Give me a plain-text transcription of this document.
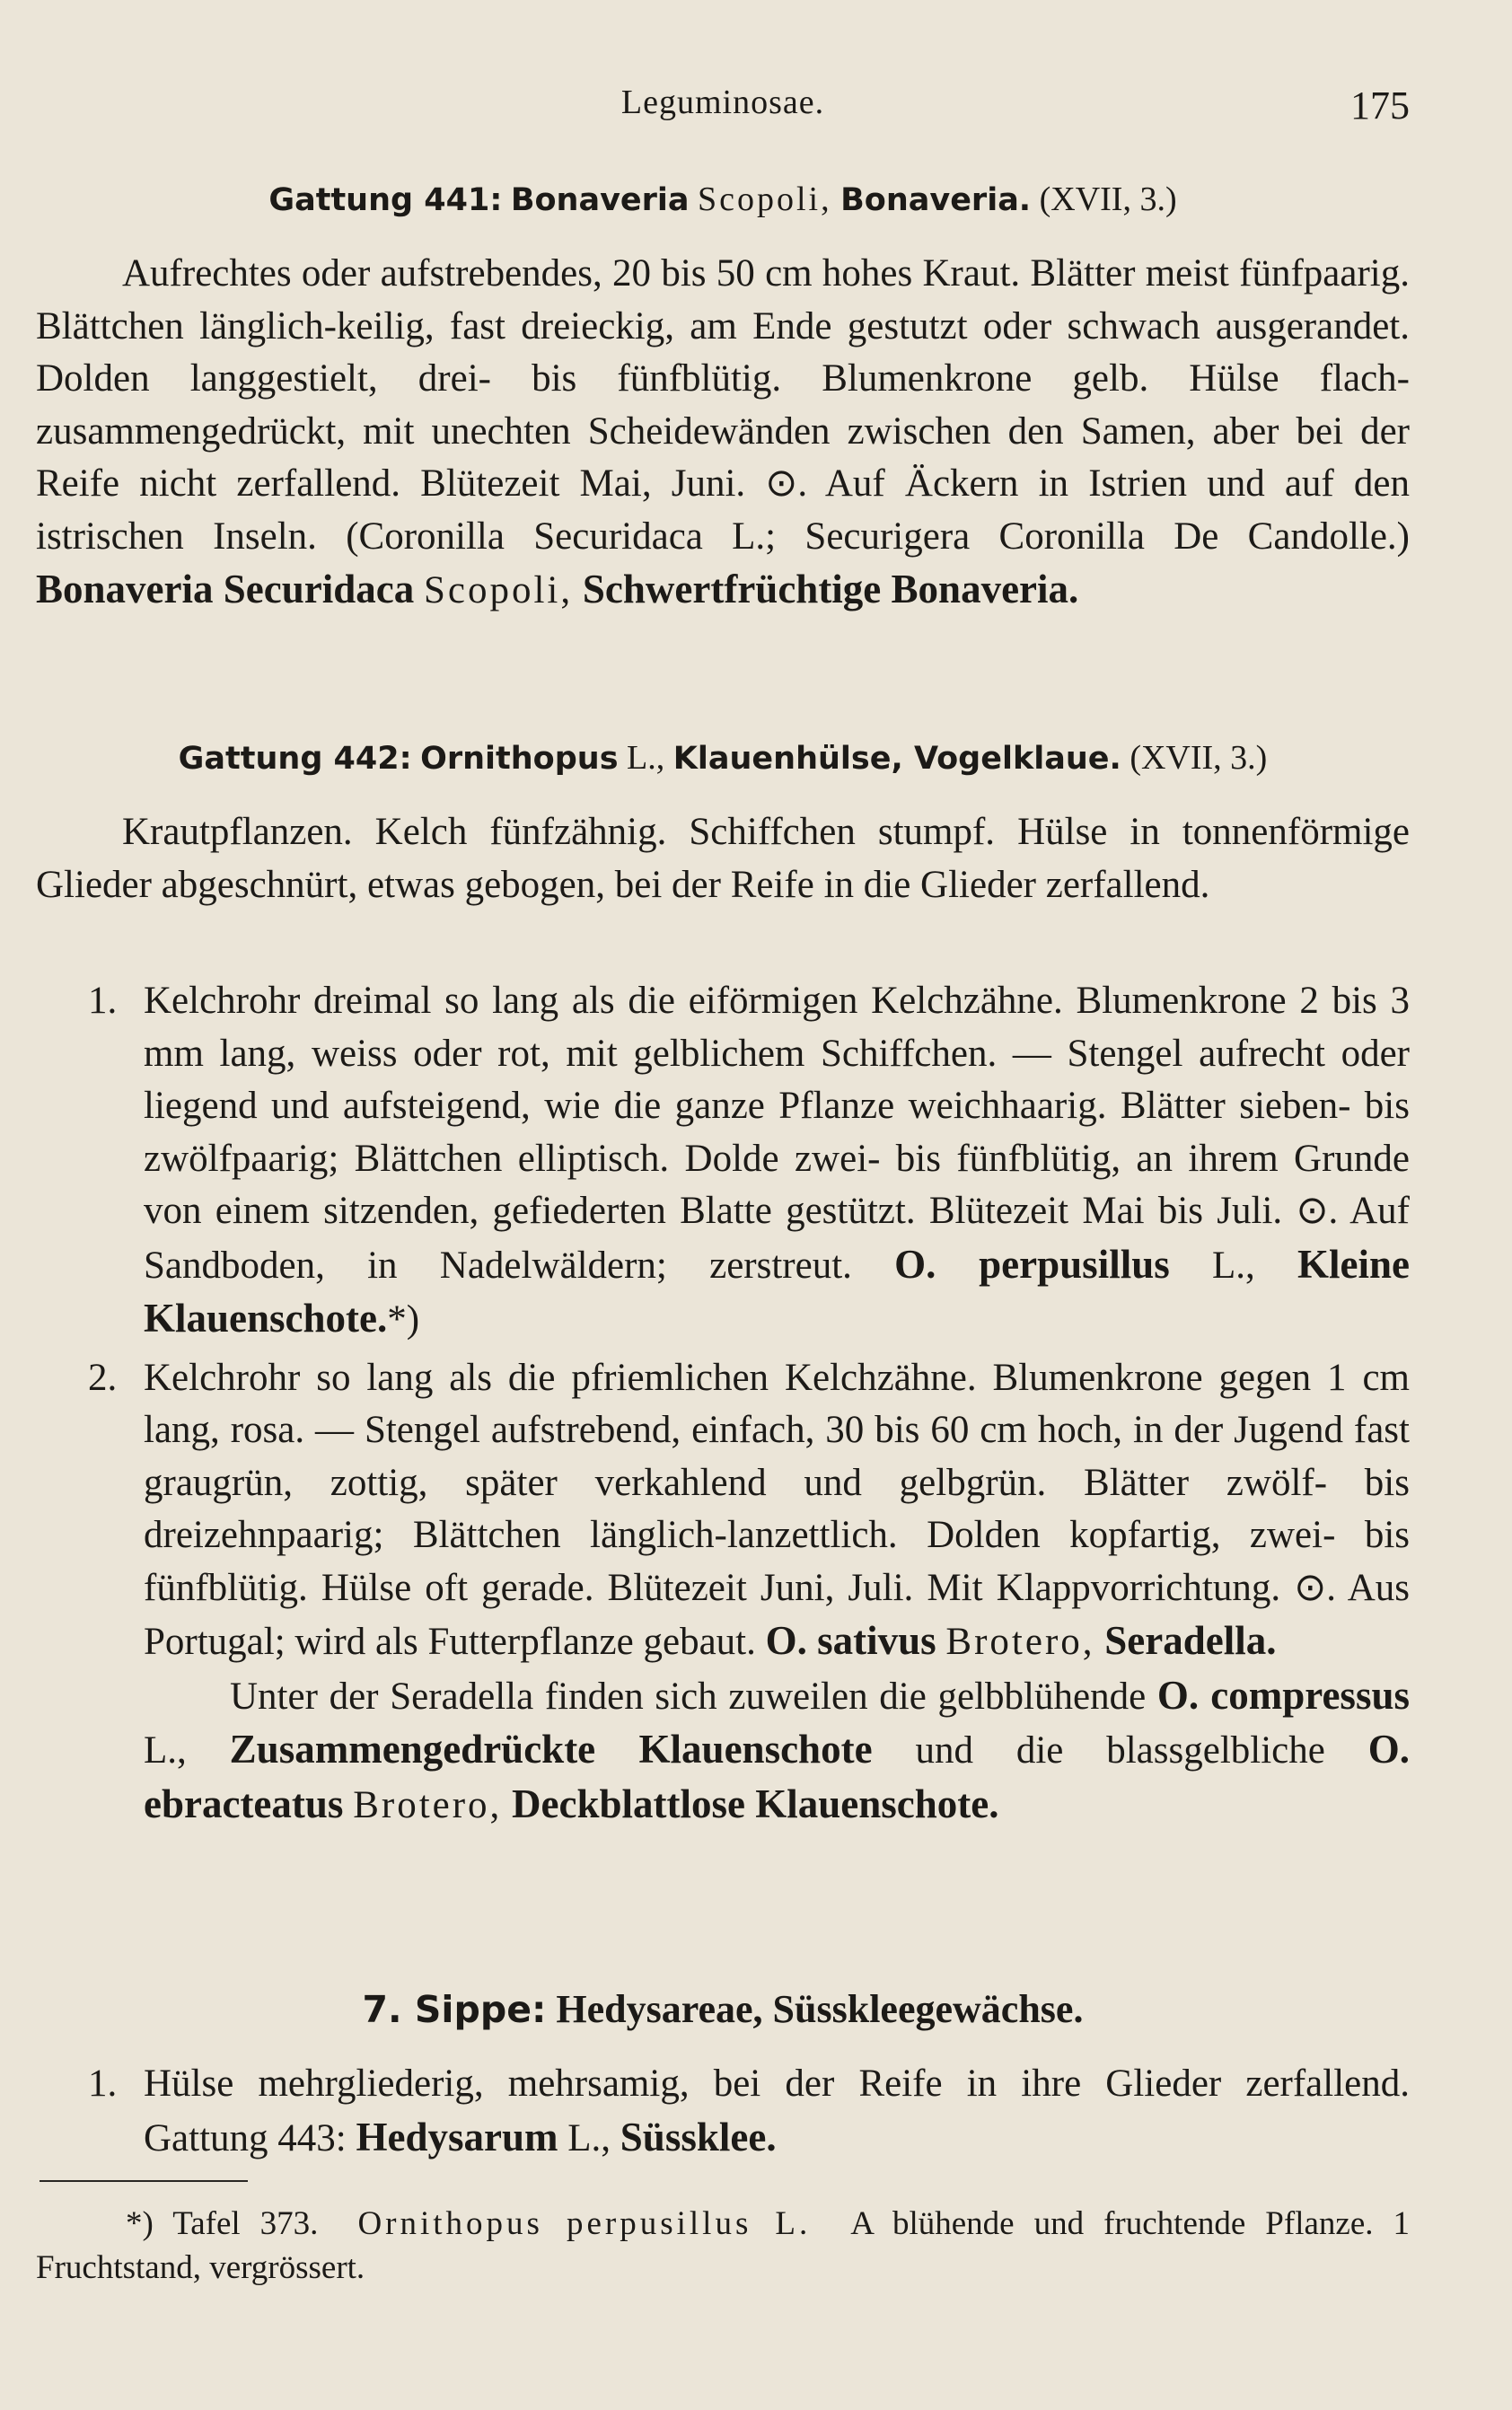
Leguminosae.	175
Gattung 441: Bonaveria Scopoli, Bonaveria. (XVII, 3.)
Aufrechtes oder aufstrebendes, 20 bis 50 cm hohes Kraut. Blätter meist fünfpaarig. Blättchen länglich-keilig, fast dreieckig, am Ende gestutzt oder schwach ausgerandet. Dolden langgestielt, drei- bis fünfblütig. Blumenkrone gelb. Hülse flach-zusammengedrückt, mit unechten Scheidewänden zwischen den Samen, aber bei der Reife nicht zerfallend. Blütezeit Mai, Juni. ⊙. Auf Äckern in Istrien und auf den istrischen Inseln. (Coronilla Securidaca L.; Securigera Coronilla De Candolle.) Bonaveria Securidaca Scopoli, Schwertfrüchtige Bonaveria.
Gattung 442: Ornithopus L., Klauenhülse, Vogelklaue. (XVII, 3.)
Krautpflanzen. Kelch fünfzähnig. Schiffchen stumpf. Hülse in tonnenförmige Glieder abgeschnürt, etwas gebogen, bei der Reife in die Glieder zerfallend.
1. Kelchrohr dreimal so lang als die eiförmigen Kelchzähne. Blumenkrone 2 bis 3 mm lang, weiss oder rot, mit gelblichem Schiffchen. — Stengel aufrecht oder liegend und aufsteigend, wie die ganze Pflanze weichhaarig. Blätter sieben- bis zwölfpaarig; Blättchen elliptisch. Dolde zwei- bis fünfblütig, an ihrem Grunde von einem sitzenden, gefiederten Blatte gestützt. Blütezeit Mai bis Juli. ⊙. Auf Sandboden, in Nadelwäldern; zerstreut. O. perpusillus L., Kleine Klauenschote.*)
2. Kelchrohr so lang als die pfriemlichen Kelchzähne. Blumenkrone gegen 1 cm lang, rosa. — Stengel aufstrebend, einfach, 30 bis 60 cm hoch, in der Jugend fast graugrün, zottig, später verkahlend und gelbgrün. Blätter zwölf- bis dreizehnpaarig; Blättchen länglich-lanzettlich. Dolden kopfartig, zwei- bis fünfblütig. Hülse oft gerade. Blütezeit Juni, Juli. Mit Klappvorrichtung. ⊙. Aus Portugal; wird als Futterpflanze gebaut. O. sativus Brotero, Seradella.
Unter der Seradella finden sich zuweilen die gelbblühende O. compressus L., Zusammengedrückte Klauenschote und die blassgelbliche O. ebracteatus Brotero, Deckblattlose Klauenschote.
7. Sippe: Hedysareae, Süsskleegewächse.
1. Hülse mehrgliederig, mehrsamig, bei der Reife in ihre Glieder zerfallend. Gattung 443: Hedysarum L., Süssklee.
*) Tafel 373. Ornithopus perpusillus L. A blühende und fruchtende Pflanze. 1 Fruchtstand, vergrössert.
